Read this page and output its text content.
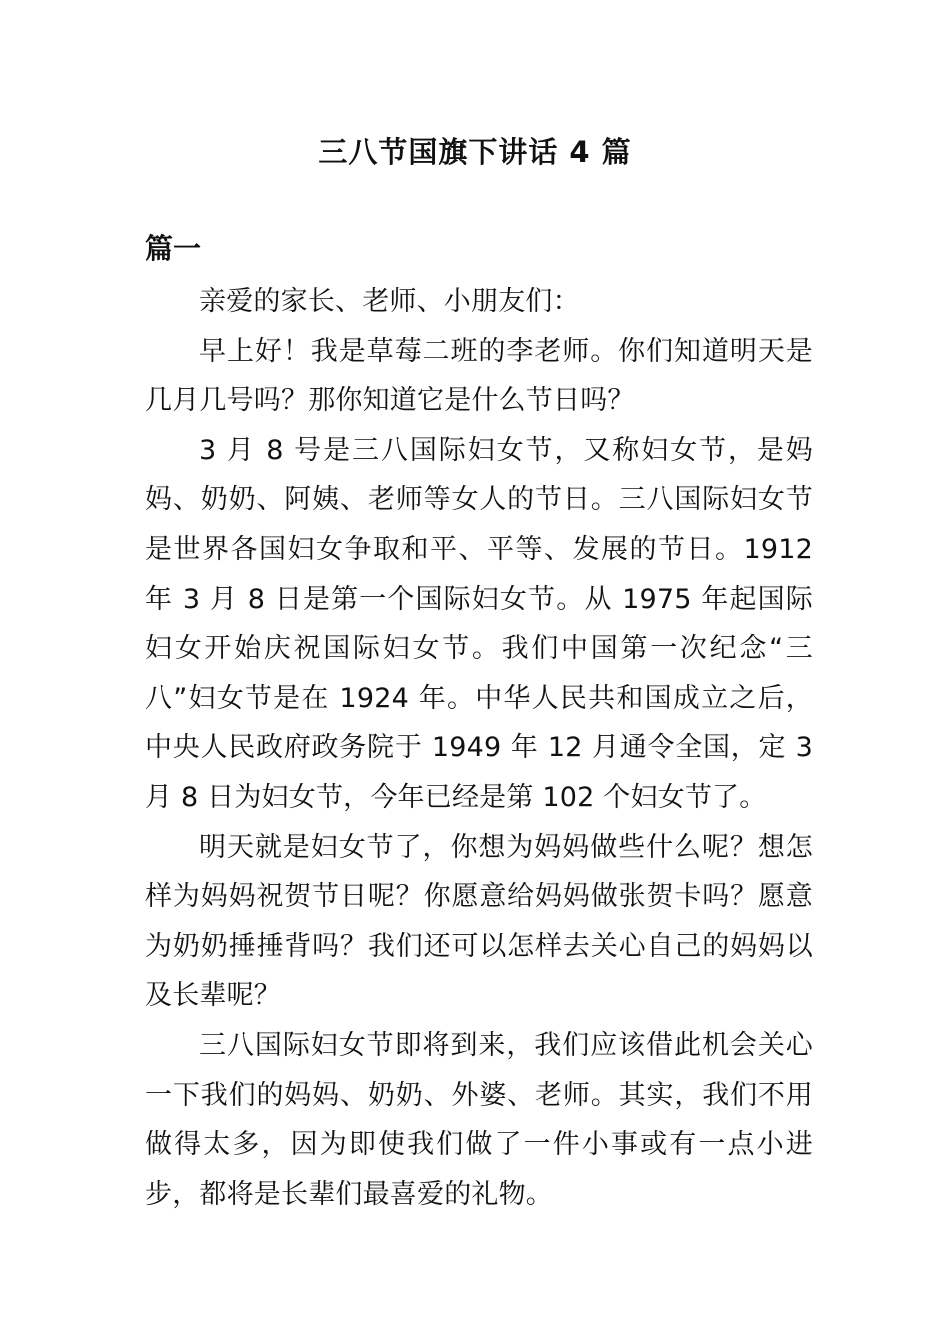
三八节国旗下讲话 4 篇
篇一

亲爱的家长、老师、小朋友们：

早上好！我是草莓二班的李老师。你们知道明天是几月几号吗？那你知道它是什么节日吗？

3 月 8 号是三八国际妇女节，又称妇女节，是妈妈、奶奶、阿姨、老师等女人的节日。三八国际妇女节是世界各国妇女争取和平、平等、发展的节日。1912 年 3 月 8 日是第一个国际妇女节。从 1975 年起国际妇女开始庆祝国际妇女节。我们中国第一次纪念“三八”妇女节是在 1924 年。中华人民共和国成立之后，中央人民政府政务院于 1949 年 12 月通令全国，定 3 月 8 日为妇女节，今年已经是第 102 个妇女节了。

明天就是妇女节了，你想为妈妈做些什么呢？想怎样为妈妈祝贺节日呢？你愿意给妈妈做张贺卡吗？愿意为奶奶捶捶背吗？我们还可以怎样去关心自己的妈妈以及长辈呢？

三八国际妇女节即将到来，我们应该借此机会关心一下我们的妈妈、奶奶、外婆、老师。其实，我们不用做得太多，因为即使我们做了一件小事或有一点小进步，都将是长辈们最喜爱的礼物。
